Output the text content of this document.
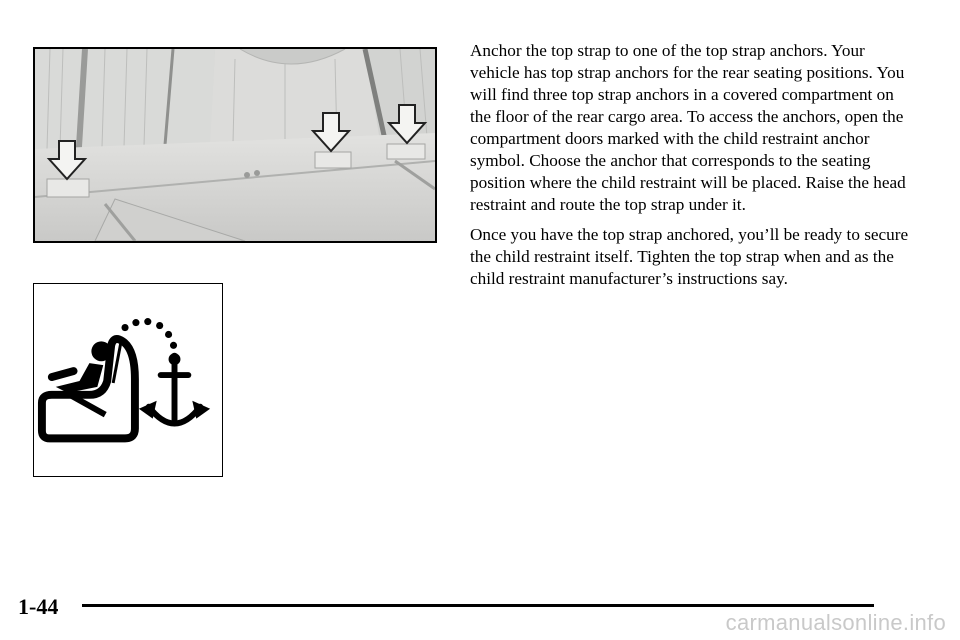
Anchor the top strap to one of the top strap anchors. Your vehicle has top strap anchors for the rear seating positions. You will find three top strap anchors in a covered compartment on the floor of the rear cargo area. To access the anchors, open the compartment doors marked with the child restraint anchor symbol. Choose the anchor that corresponds to the seating position where the child restraint will be placed. Raise the head restraint and route the top strap under it.

Once you have the top strap anchored, you’ll be ready to secure the child restraint itself. Tighten the top strap when and as the child restraint manufacturer’s instructions say.

1-44
carmanualsonline.info
